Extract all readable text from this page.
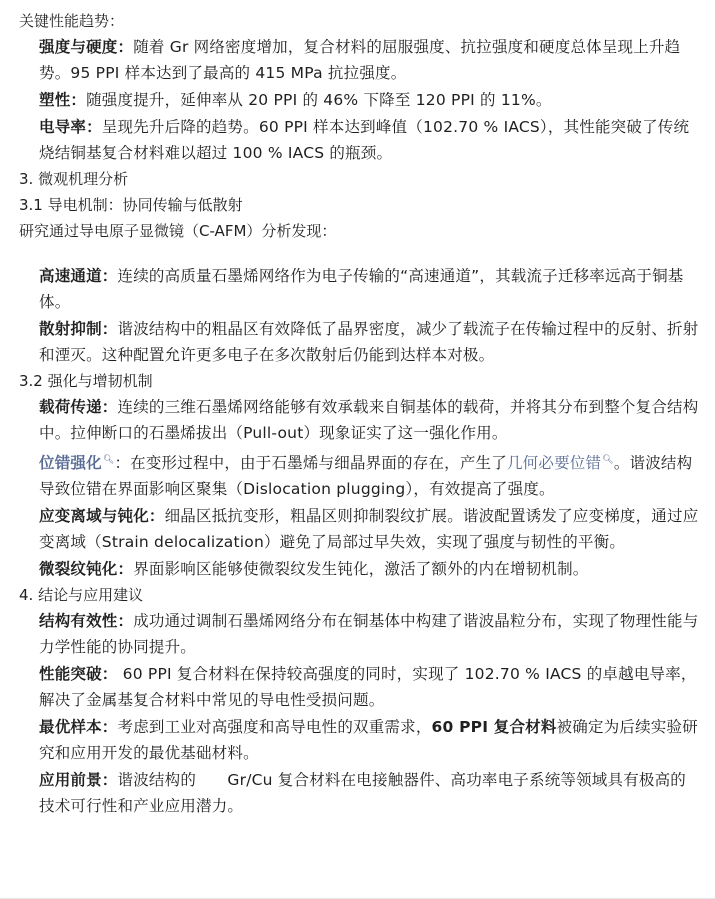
关键性能趋势：

强度与硬度：随着 Gr 网络密度增加，复合材料的屈服强度、抗拉强度和硬度总体呈现上升趋势。95 PPI 样本达到了最高的 415 MPa 抗拉强度。

塑性：随强度提升，延伸率从 20 PPI 的 46% 下降至 120 PPI 的 11%。

电导率：呈现先升后降的趋势。60 PPI 样本达到峰值（102.70 % IACS），其性能突破了传统烧结铜基复合材料难以超过 100 % IACS 的瓶颈。

3. 微观机理分析

3.1 导电机制：协同传输与低散射

研究通过导电原子显微镜（C-AFM）分析发现：

高速通道：连续的高质量石墨烯网络作为电子传输的“高速通道”，其载流子迁移率远高于铜基体。

散射抑制：谐波结构中的粗晶区有效降低了晶界密度，减少了载流子在传输过程中的反射、折射和湮灭。这种配置允许更多电子在多次散射后仍能到达样本对极。

3.2 强化与增韧机制

载荷传递：连续的三维石墨烯网络能够有效承载来自铜基体的载荷，并将其分布到整个复合结构中。拉伸断口的石墨烯拔出（Pull-out）现象证实了这一强化作用。

位错强化🔍︎：在变形过程中，由于石墨烯与细晶界面的存在，产生了几何必要位错🔍︎。谐波结构导致位错在界面影响区聚集（Dislocation plugging），有效提高了强度。

应变离域与钝化：细晶区抵抗变形，粗晶区则抑制裂纹扩展。谐波配置诱发了应变梯度，通过应变离域（Strain delocalization）避免了局部过早失效，实现了强度与韧性的平衡。

微裂纹钝化：界面影响区能够使微裂纹发生钝化，激活了额外的内在增韧机制。

4. 结论与应用建议

结构有效性：成功通过调制石墨烯网络分布在铜基体中构建了谐波晶粒分布，实现了物理性能与力学性能的协同提升。

性能突破： 60 PPI 复合材料在保持较高强度的同时，实现了 102.70 % IACS 的卓越电导率，解决了金属基复合材料中常见的导电性受损问题。

最优样本：考虑到工业对高强度和高导电性的双重需求，60 PPI 复合材料被确定为后续实验研究和应用开发的最优基础材料。

应用前景：谐波结构的　　Gr/Cu 复合材料在电接触器件、高功率电子系统等领域具有极高的技术可行性和产业应用潜力。
